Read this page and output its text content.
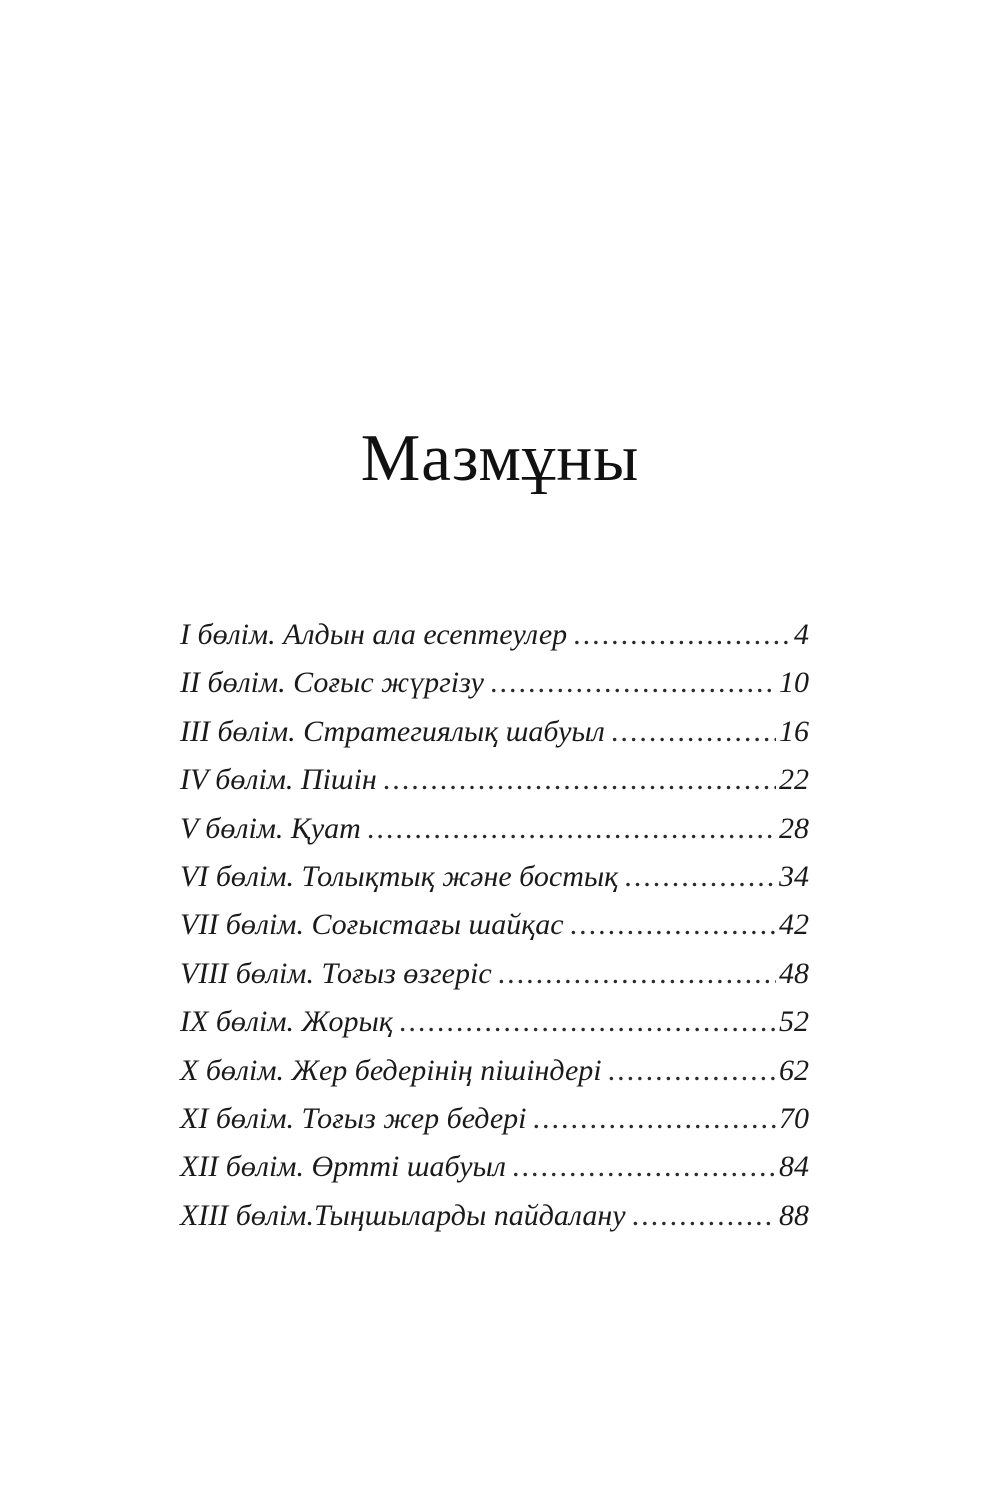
Мазмұны
I бөлім. Алдын ала есептеулер .....	4
II бөлім. Соғыс жүргізу .....	10
III бөлім. Стратегиялық шабуыл .....	16
IV бөлім. Пішін .....	22
V бөлім. Қуат .....	28
VI бөлім. Толықтық және бостық .....	34
VII бөлім. Соғыстағы шайқас .....	42
VIII бөлім. Тоғыз өзгеріс .....	48
IX бөлім. Жорық .....	52
X бөлім. Жер бедерінің пішіндері .....	62
XI бөлім. Тоғыз жер бедері .....	70
XII бөлім. Өртті шабуыл .....	84
XIII бөлім.Тыңшыларды пайдалану .....	88
